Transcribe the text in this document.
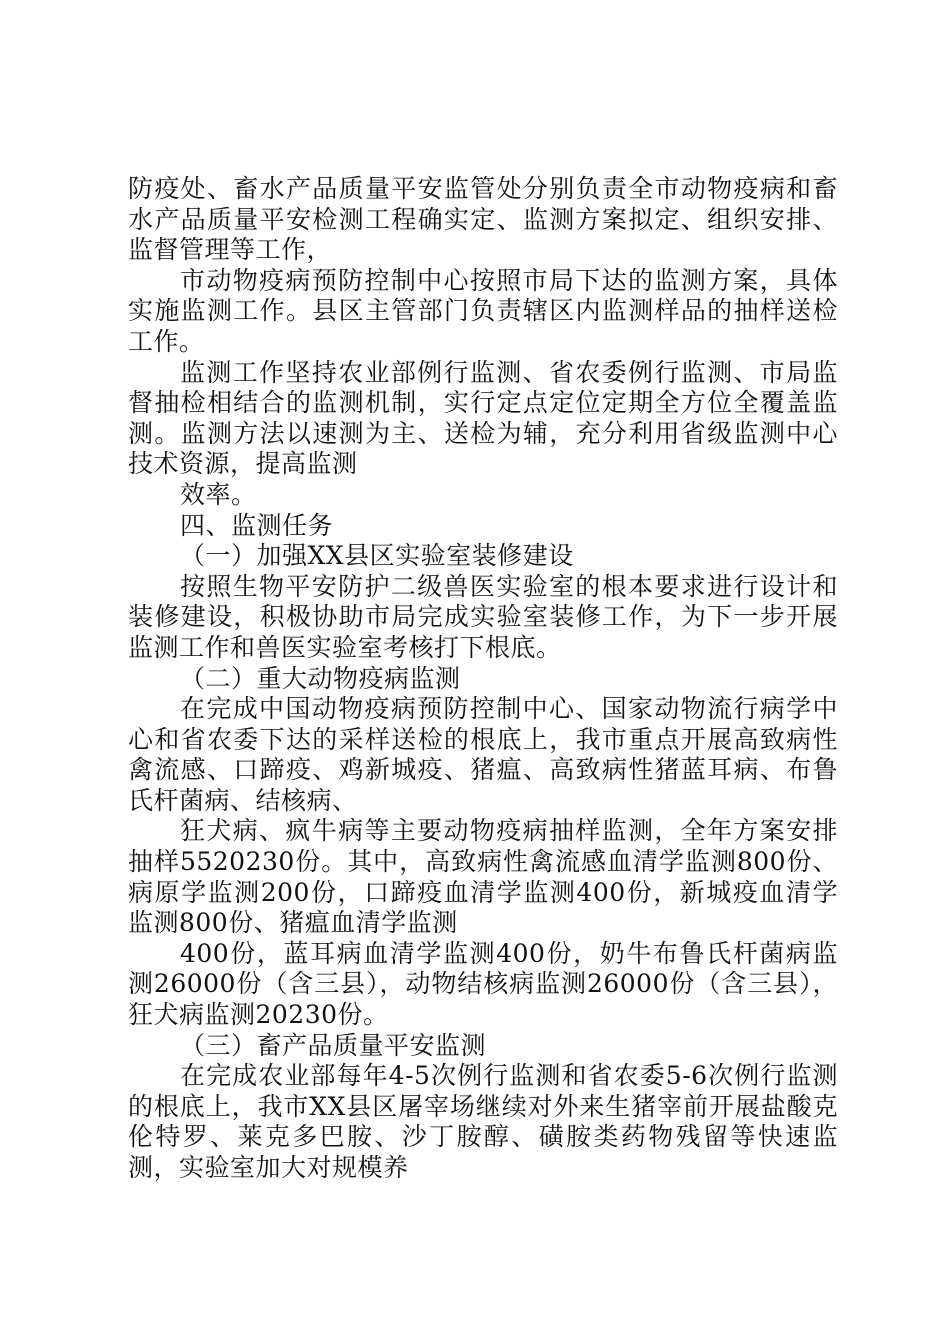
防疫处、畜水产品质量平安监管处分别负责全市动物疫病和畜水产品质量平安检测工程确实定、监测方案拟定、组织安排、监督管理等工作，

市动物疫病预防控制中心按照市局下达的监测方案，具体实施监测工作。县区主管部门负责辖区内监测样品的抽样送检工作。

监测工作坚持农业部例行监测、省农委例行监测、市局监督抽检相结合的监测机制，实行定点定位定期全方位全覆盖监测。监测方法以速测为主、送检为辅，充分利用省级监测中心技术资源，提高监测

效率。

四、监测任务

（一）加强XX县区实验室装修建设

按照生物平安防护二级兽医实验室的根本要求进行设计和装修建设，积极协助市局完成实验室装修工作，为下一步开展监测工作和兽医实验室考核打下根底。

（二）重大动物疫病监测

在完成中国动物疫病预防控制中心、国家动物流行病学中心和省农委下达的采样送检的根底上，我市重点开展高致病性禽流感、口蹄疫、鸡新城疫、猪瘟、高致病性猪蓝耳病、布鲁氏杆菌病、结核病、

狂犬病、疯牛病等主要动物疫病抽样监测，全年方案安排抽样5520230份。其中，高致病性禽流感血清学监测800份、病原学监测200份，口蹄疫血清学监测400份，新城疫血清学监测800份、猪瘟血清学监测

400份，蓝耳病血清学监测400份，奶牛布鲁氏杆菌病监测26000份（含三县），动物结核病监测26000份（含三县），狂犬病监测20230份。

（三）畜产品质量平安监测

在完成农业部每年4-5次例行监测和省农委5-6次例行监测的根底上，我市XX县区屠宰场继续对外来生猪宰前开展盐酸克伦特罗、莱克多巴胺、沙丁胺醇、磺胺类药物残留等快速监测，实验室加大对规模养
